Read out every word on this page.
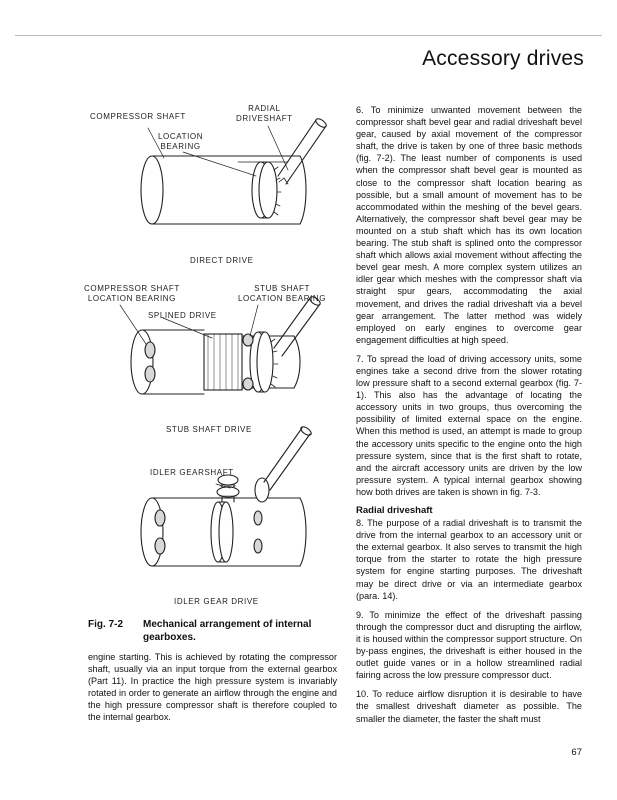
Accessory drives
COMPRESSOR SHAFT
RADIAL
DRIVESHAFT
LOCATION
BEARING
DIRECT DRIVE
COMPRESSOR SHAFT
LOCATION BEARING
STUB SHAFT
LOCATION BEARING
SPLINED DRIVE
STUB SHAFT DRIVE
IDLER GEARSHAFT
IDLER GEAR DRIVE
Fig. 7-2 Mechanical arrangement of internal gearboxes.
engine starting. This is achieved by rotating the compressor shaft, usually via an input torque from the external gearbox (Part 11). In practice the high pressure system is invariably rotated in order to generate an airflow through the engine and the high pressure compressor shaft is therefore coupled to the internal gearbox.

6. To minimize unwanted movement between the compressor shaft bevel gear and radial driveshaft bevel gear, caused by axial movement of the compressor shaft, the drive is taken by one of three basic methods (fig. 7-2). The least number of components is used when the compressor shaft bevel gear is mounted as close to the compressor shaft location bearing as possible, but a small amount of movement has to be accommodated within the meshing of the bevel gears. Alternatively, the compressor shaft bevel gear may be mounted on a stub shaft which has its own location bearing. The stub shaft is splined onto the compressor shaft which allows axial movement without affecting the bevel gear mesh. A more complex system utilizes an idler gear which meshes with the compressor shaft via straight spur gears, accommodating the axial movement, and drives the radial driveshaft via a bevel gear arrangement. The latter method was widely employed on early engines to overcome gear engagement difficulties at high speed.

7. To spread the load of driving accessory units, some engines take a second drive from the slower rotating low pressure shaft to a second external gearbox (fig. 7-1). This also has the advantage of locating the accessory units in two groups, thus overcoming the possibility of limited external space on the engine. When this method is used, an attempt is made to group the accessory units specific to the engine onto the high pressure system, since that is the first shaft to rotate, and the aircraft accessory units are driven by the low pressure system. A typical internal gearbox showing how both drives are taken is shown in fig. 7-3.

Radial driveshaft

8. The purpose of a radial driveshaft is to transmit the drive from the internal gearbox to an accessory unit or the external gearbox. It also serves to transmit the high torque from the starter to rotate the high pressure system for engine starting purposes. The driveshaft may be direct drive or via an intermediate gearbox (para. 14).

9. To minimize the effect of the driveshaft passing through the compressor duct and disrupting the airflow, it is housed within the compressor support structure. On by-pass engines, the driveshaft is either housed in the outlet guide vanes or in a hollow streamlined radial fairing across the low pressure compressor duct.

10. To reduce airflow disruption it is desirable to have the smallest driveshaft diameter as possible. The smaller the diameter, the faster the shaft must

67
